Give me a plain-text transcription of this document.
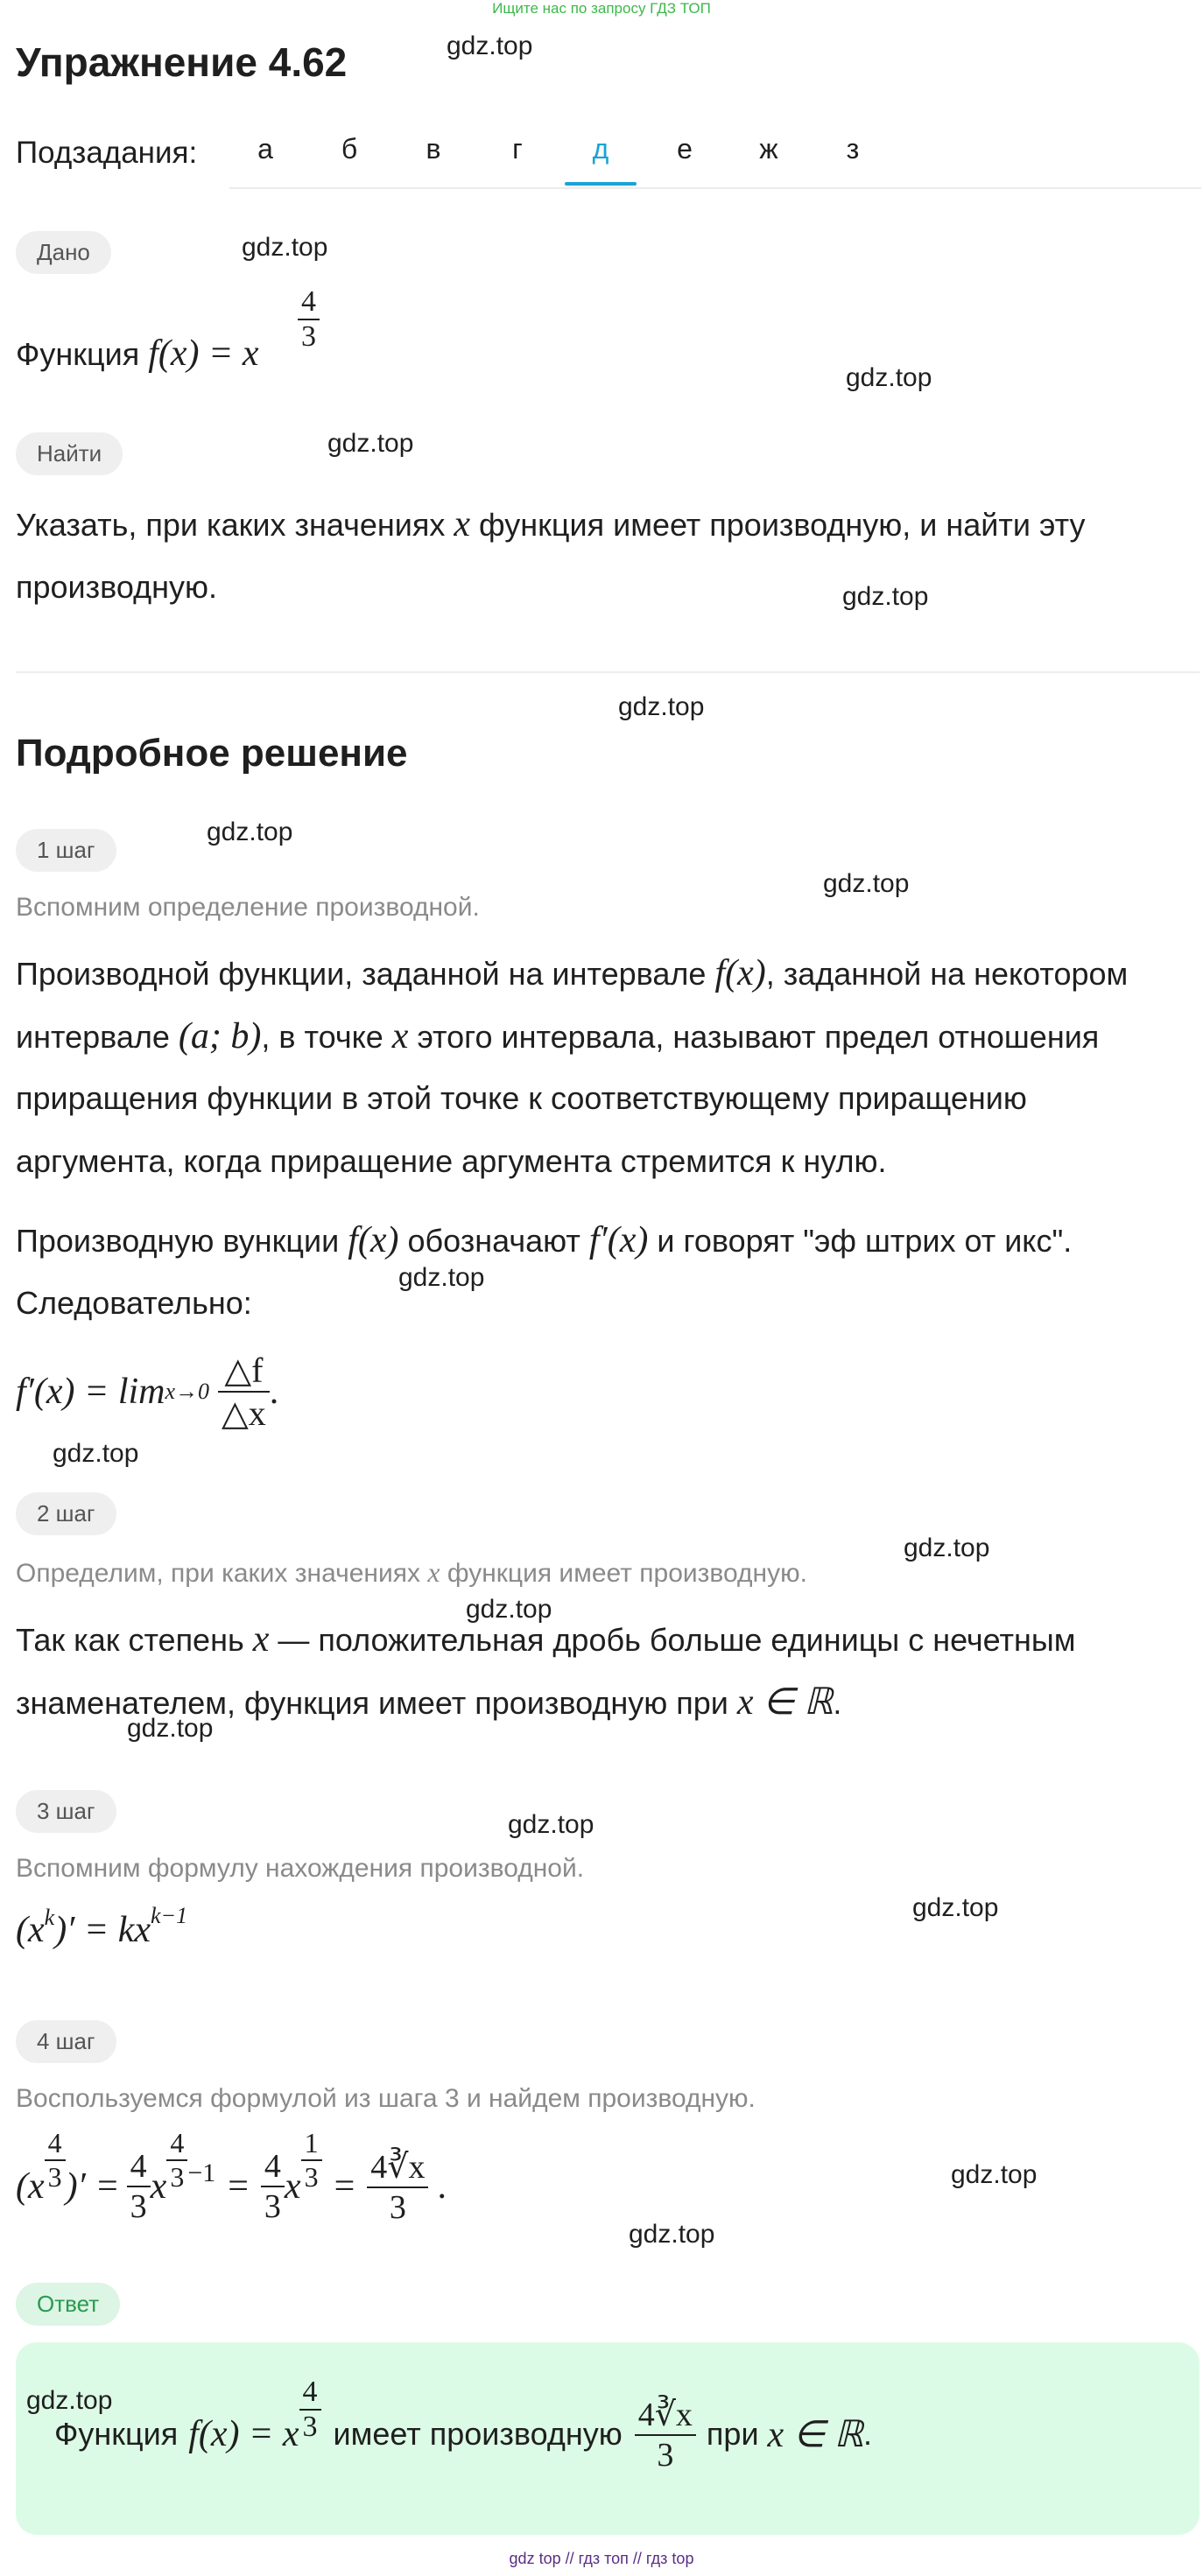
Ищите нас по запросу ГДЗ ТОП
Упражнение 4.62
Подзадания:	а	б	в	г	д	е	ж	з
Дано
Функция f(x) = x $\frac{4}{3}$
Найти
Указать, при каких значениях x функция имеет производную, и найти эту
производную.
Подробное решение
1 шаг
Вспомним определение производной.
Производной функции, заданной на интервале f(x), заданной на некотором
интервале (a; b), в точке x этого интервала, называют предел отношения
приращения функции в этой точке к соответствующему приращению
аргумента, когда приращение аргумента стремится к нулю.
Производную вункции f(x) обозначают f′(x) и говорят "эф штрих от икс".
Следовательно:
$f'(x) = \lim x\to 0 \frac{\triangle f}{\triangle x}$ .
2 шаг
Определим, при каких значениях x функция имеет производную.
Так как степень x — положительная дробь больше единицы с нечетным
знаменателем, функция имеет производную при x ∈ ℝ.
3 шаг
Вспомним формулу нахождения производной.
(x k )′ = kx k−1
4 шаг
Воспользуемся формулой из шага 3 и найдем производную.
($x \frac{4}{3}$ )′ = $\frac{4}{3}$ x $\frac{4}{3} -1 = \frac{4}{3}$ x $\frac{1}{3} = \frac{4∛x}{3}$ .
Ответ
Функция f(x) = x $\frac{4}{3}$ имеет производную $\frac{4∛x}{3}$ при x ∈ ℝ .
gdz.top
gdz.top
gdz.top
gdz.top
gdz.top
gdz.top
gdz.top
gdz.top
gdz.top
gdz.top
gdz.top
gdz.top
gdz.top
gdz.top
gdz.top
gdz.top
gdz.top
gdz.top
gdz top // гдз топ // гдз top
